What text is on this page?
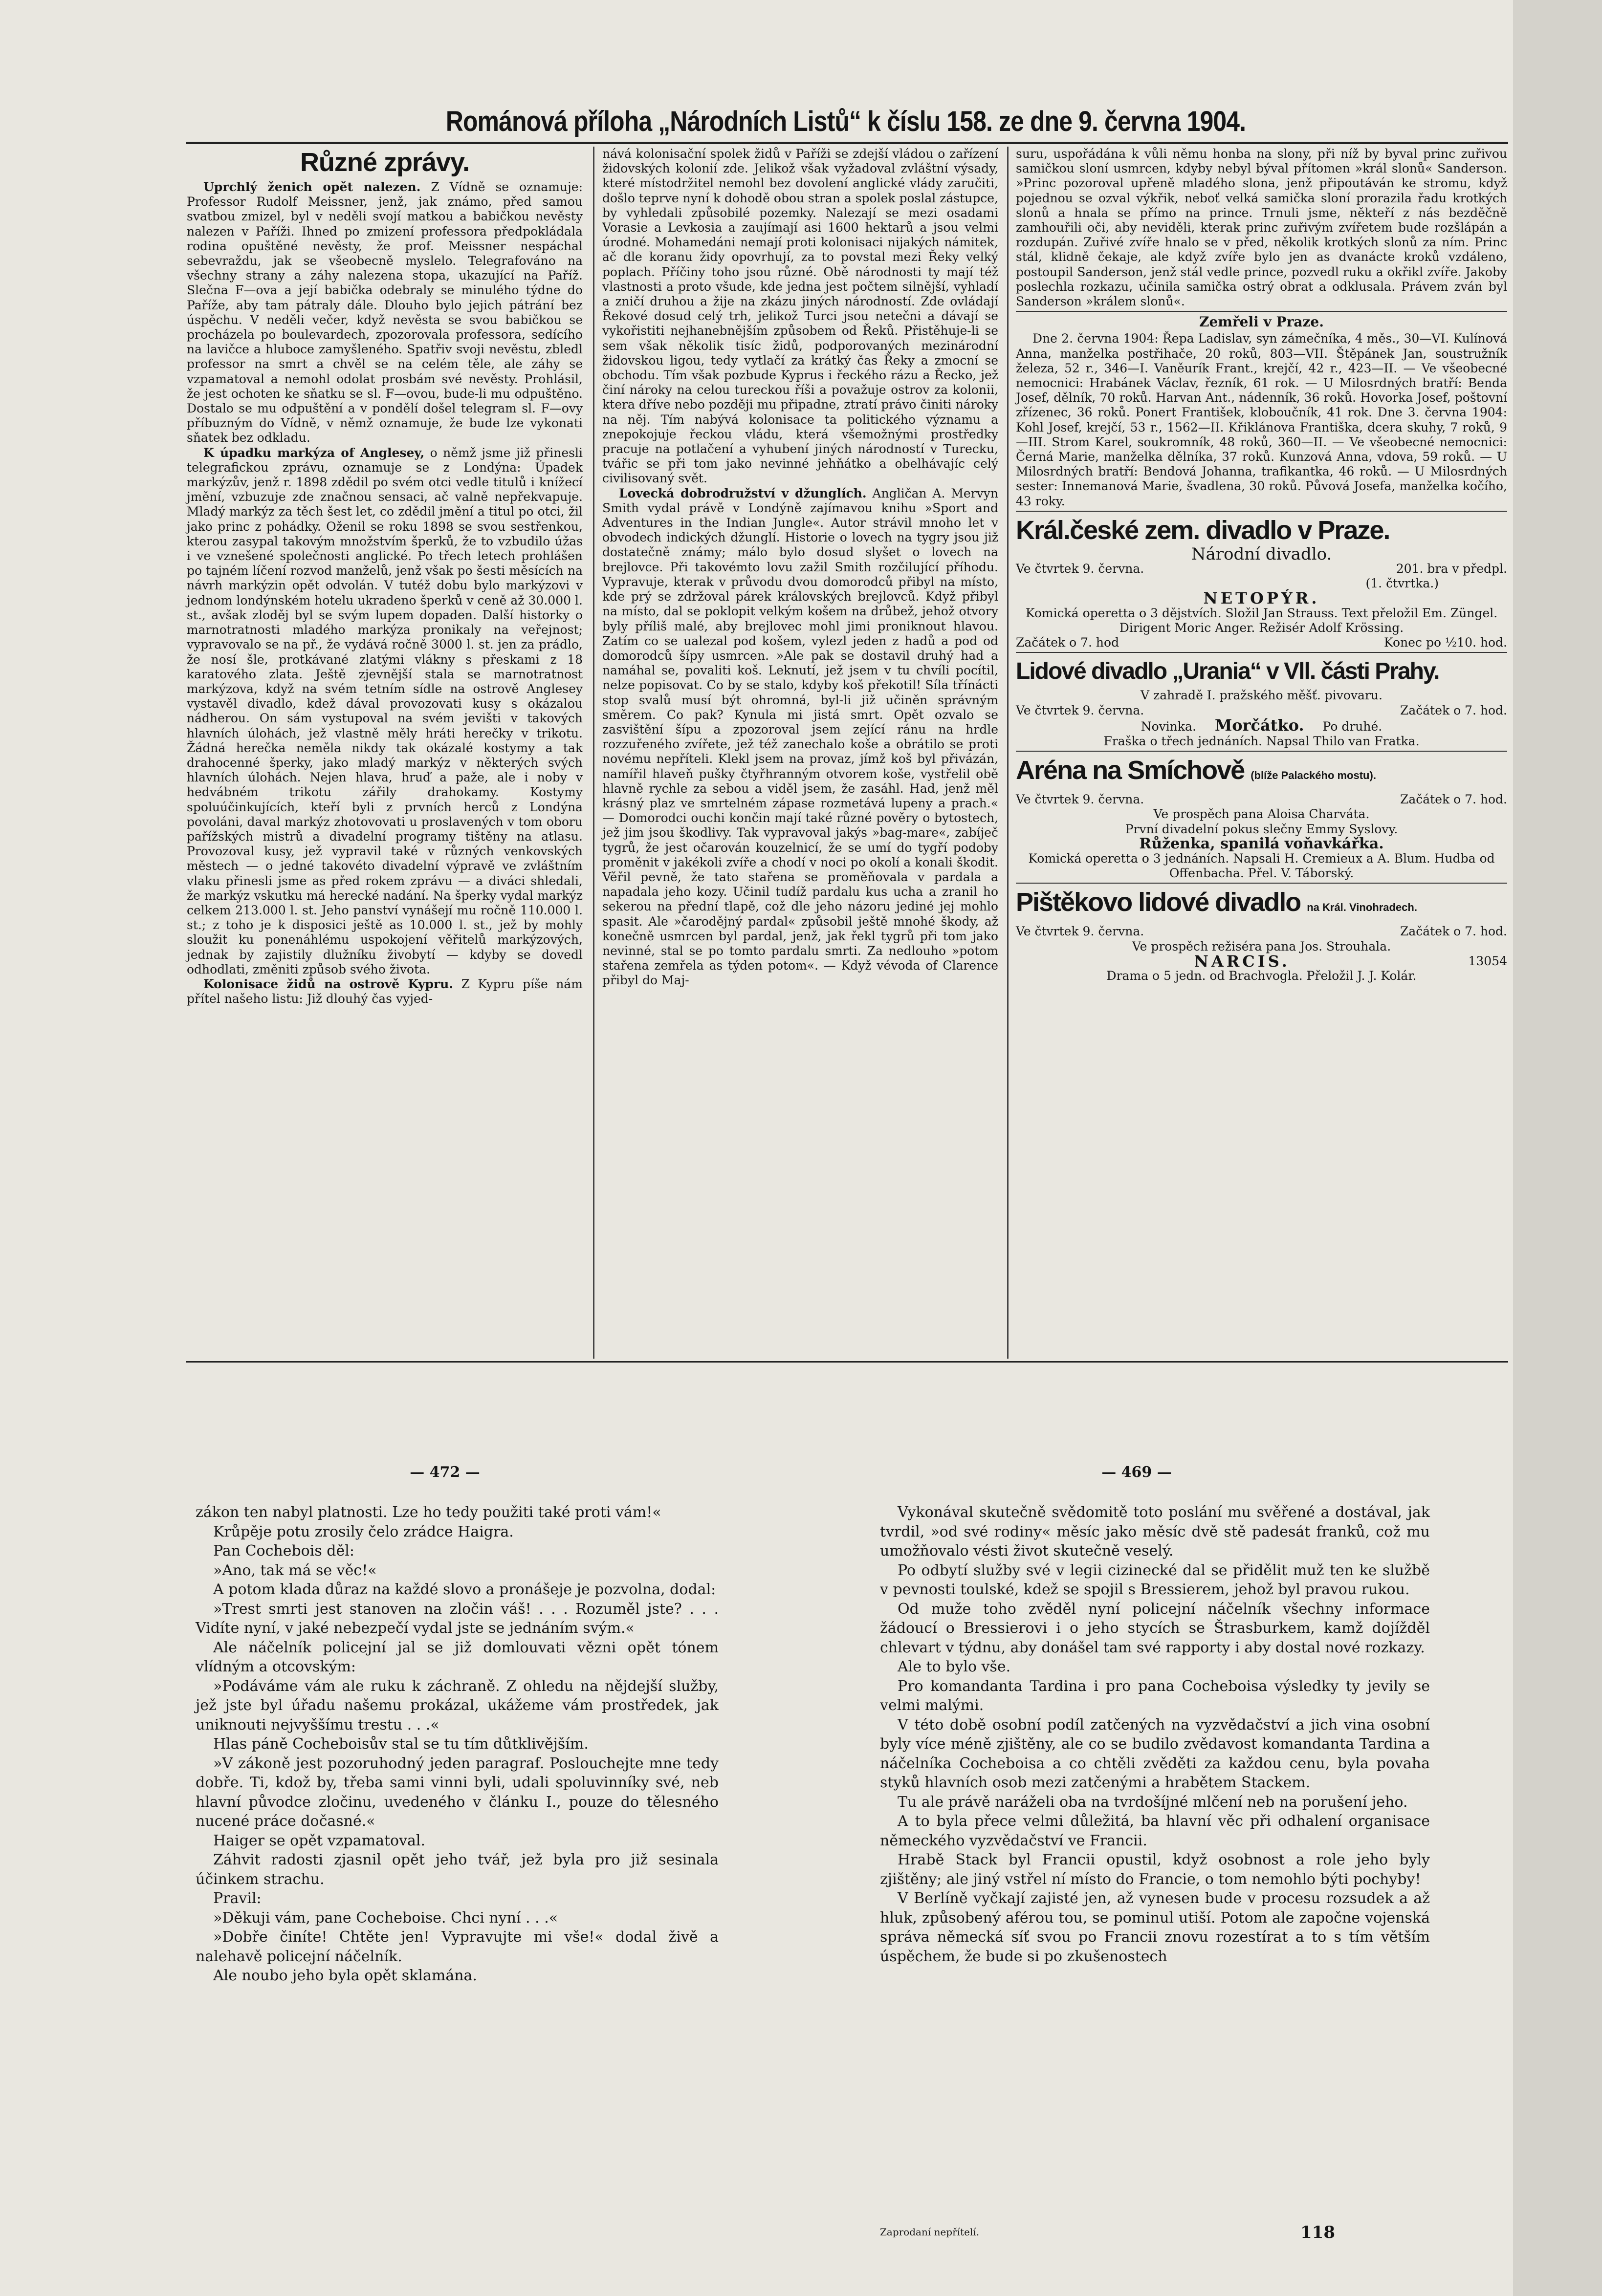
Románová příloha „Národních Listů“ k číslu 158. ze dne 9. června 1904.
Různé zprávy.

Uprchlý ženich opět nalezen. Z Vídně se oznamuje: Professor Rudolf Meissner, jenž, jak známo, před samou svatbou zmizel, byl v neděli svojí matkou a babičkou nevěsty nalezen v Paříži. Ihned po zmizení professora předpokládala rodina opuštěné nevěsty, že prof. Meissner nespáchal sebevraždu, jak se všeobecně myslelo. Telegrafováno na všechny strany a záhy nalezena stopa, ukazující na Paříž. Slečna F—ova a její babička odebraly se minulého týdne do Paříže, aby tam pátraly dále. Dlouho bylo jejich pátrání bez úspěchu. V neděli večer, když nevěsta se svou babičkou se procházela po boulevardech, zpozorovala professora, sedícího na lavičce a hluboce zamyšleného. Spatřiv svoji nevěstu, zbledl professor na smrt a chvěl se na celém těle, ale záhy se vzpamatoval a nemohl odolat prosbám své nevěsty. Prohlásil, že jest ochoten ke sňatku se sl. F—ovou, bude-li mu odpuštěno. Dostalo se mu odpuštění a v pondělí došel telegram sl. F—ovy příbuzným do Vídně, v němž oznamuje, že bude lze vykonati sňatek bez odkladu.

K úpadku markýza of Anglesey, o němž jsme již přinesli telegrafickou zprávu, oznamuje se z Londýna: Úpadek markýzův, jenž r. 1898 zdědil po svém otci vedle titulů i knížecí jmění, vzbuzuje zde značnou sensaci, ač valně nepřekvapuje. Mladý markýz za těch šest let, co zdědil jmění a titul po otci, žil jako princ z pohádky. Oženil se roku 1898 se svou sestřenkou, kterou zasypal takovým množstvím šperků, že to vzbudilo úžas i ve vznešené společnosti anglické. Po třech letech prohlášen po tajném líčení rozvod manželů, jenž však po šesti měsících na návrh markýzin opět odvolán. V tutéž dobu bylo markýzovi v jednom londýnském hotelu ukradeno šperků v ceně až 30.000 l. st., avšak zloděj byl se svým lupem dopaden. Další historky o marnotratnosti mladého markýza pronikaly na veřejnost; vypravovalo se na př., že vydává ročně 3000 l. st. jen za prádlo, že nosí šle, protkávané zlatými vlákny s přeskami z 18 karatového zlata. Ještě zjevnější stala se marnotratnost markýzova, když na svém tetním sídle na ostrově Anglesey vystavěl divadlo, kdež dával provozovati kusy s okázalou nádherou. On sám vystupoval na svém jevišti v takových hlavních úlohách, jež vlastně měly hráti herečky v trikotu. Žádná herečka neměla nikdy tak okázalé kostymy a tak drahocenné šperky, jako mladý markýz v některých svých hlavních úlohách. Nejen hlava, hruď a paže, ale i noby v hedvábném trikotu zářily drahokamy. Kostymy spoluúčinkujících, kteří byli z prvních herců z Londýna povoláni, daval markýz zhotovovati u proslavených v tom oboru pařížských mistrů a divadelní programy tištěny na atlasu. Provozoval kusy, jež vypravil také v různých venkovských městech — o jedné takovéto divadelní výpravě ve zvláštním vlaku přinesli jsme as před rokem zprávu — a diváci shledali, že markýz vskutku má herecké nadání. Na šperky vydal markýz celkem 213.000 l. st. Jeho panství vynášejí mu ročně 110.000 l. st.; z toho je k disposici ještě as 10.000 l. st., jež by mohly sloužit ku ponenáhlému uspokojení věřitelů markýzových, jednak by zajistily dlužníku živobytí — kdyby se dovedl odhodlati, změniti způsob svého života.

Kolonisace židů na ostrově Kypru. Z Kypru píše nám přítel našeho listu: Již dlouhý čas vyjed-

nává kolonisační spolek židů v Paříži se zdejší vládou o zařízení židovských kolonií zde. Jelikož však vyžadoval zvláštní výsady, které místodržitel nemohl bez dovolení anglické vlády zaručiti, došlo teprve nyní k dohodě obou stran a spolek poslal zástupce, by vyhledali způsobilé pozemky. Nalezají se mezi osadami Vorasie a Levkosia a zaujímají asi 1600 hektarů a jsou velmi úrodné. Mohamedáni nemají proti kolonisaci nijakých námitek, ač dle koranu židy opovrhují, za to povstal mezi Řeky velký poplach. Příčiny toho jsou různé. Obě národnosti ty mají též vlastnosti a proto všude, kde jedna jest počtem silnější, vyhladí a zničí druhou a žije na zkázu jiných národností. Zde ovládají Řekové dosud celý trh, jelikož Turci jsou netečni a dávají se vykořistiti nejhanebnějším způsobem od Řeků. Přistěhuje-li se sem však několik tisíc židů, podporovaných mezinárodní židovskou ligou, tedy vytlačí za krátký čas Řeky a zmocní se obchodu. Tím však pozbude Kyprus i řeckého rázu a Řecko, jež činí nároky na celou tureckou říši a považuje ostrov za kolonii, ktera dříve nebo později mu připadne, ztratí právo činiti nároky na něj. Tím nabývá kolonisace ta politického významu a znepokojuje řeckou vládu, která všemožnými prostředky pracuje na potlačení a vyhubení jiných národností v Turecku, tvářic se při tom jako nevinné jehňátko a obelhávajíc celý civilisovaný svět.

Lovecká dobrodružství v džunglích. Angličan A. Mervyn Smith vydal právě v Londýně zajímavou knihu »Sport and Adventures in the Indian Jungle«. Autor strávil mnoho let v obvodech indických džunglí. Historie o lovech na tygry jsou již dostatečně známy; málo bylo dosud slyšet o lovech na brejlovce. Při takovémto lovu zažil Smith rozčilující příhodu. Vypravuje, kterak v průvodu dvou domorodců přibyl na místo, kde prý se zdržoval párek královských brejlovců. Když přibyl na místo, dal se poklopit velkým košem na drůbež, jehož otvory byly příliš malé, aby brejlovec mohl jimi proniknout hlavou. Zatím co se ualezal pod košem, vylezl jeden z hadů a pod od domorodců šípy usmrcen. »Ale pak se dostavil druhý had a namáhal se, povaliti koš. Leknutí, jež jsem v tu chvíli pocítil, nelze popisovat. Co by se stalo, kdyby koš překotil! Síla třínácti stop svalů musí být ohromná, byl-li již učiněn správným směrem. Co pak? Kynula mi jistá smrt. Opět ozvalo se zasvištění šípu a zpozoroval jsem zející ránu na hrdle rozzuřeného zvířete, jež též zanechalo koše a obrátilo se proti novému nepříteli. Klekl jsem na provaz, jímž koš byl přivázán, namířil hlaveň pušky čtyřhranným otvorem koše, vystřelil obě hlavně rychle za sebou a viděl jsem, že zasáhl. Had, jenž měl krásný plaz ve smrtelném zápase rozmetává lupeny a prach.« — Domorodci ouchi končin mají také různé pověry o bytostech, jež jim jsou škodlivy. Tak vypravoval jakýs »bag-mare«, zabíječ tygrů, že jest očarován kouzelnicí, že se umí do tygří podoby proměnit v jakékoli zvíře a chodí v noci po okolí a konali škodit. Věřil pevně, že tato stařena se proměňovala v pardala a napadala jeho kozy. Učinil tudíž pardalu kus ucha a zranil ho sekerou na přední tlapě, což dle jeho názoru jediné jej mohlo spasit. Ale »čarodějný pardal« způsobil ještě mnohé škody, až konečně usmrcen byl pardal, jenž, jak řekl tygrů při tom jako nevinné, stal se po tomto pardalu smrti. Za nedlouho »potom stařena zemřela as týden potom«. — Když vévoda of Clarence přibyl do Maj-

suru, uspořádána k vůli němu honba na slony, při níž by byval princ zuřivou samičkou sloní usmrcen, kdyby nebyl býval přítomen »král slonů« Sanderson. »Princ pozoroval upřeně mladého slona, jenž připoutáván ke stromu, když pojednou se ozval výkřik, neboť velká samička sloní prorazila řadu krotkých slonů a hnala se přímo na prince. Trnuli jsme, někteří z nás bezděčně zamhouřili oči, aby neviděli, kterak princ zuřivým zvířetem bude rozšlápán a rozdupán. Zuřivé zvíře hnalo se v před, několik krotkých slonů za ním. Princ stál, klidně čekaje, ale když zvíře bylo jen as dvanácte kroků vzdáleno, postoupil Sanderson, jenž stál vedle prince, pozvedl ruku a okřikl zvíře. Jakoby poslechla rozkazu, učinila samička ostrý obrat a odklusala. Právem zván byl Sanderson »králem slonů«.

Zemřeli v Praze.

Dne 2. června 1904: Řepa Ladislav, syn zámečníka, 4 měs., 30—VI. Kulínová Anna, manželka postřihače, 20 roků, 803—VII. Štěpánek Jan, soustružník železa, 52 r., 346—I. Vaněurík Frant., krejčí, 42 r., 423—II. — Ve všeobecné nemocnici: Hrabánek Václav, řezník, 61 rok. — U Milosrdných bratří: Benda Josef, dělník, 70 roků. Harvan Ant., nádenník, 36 roků. Hovorka Josef, poštovní zřízenec, 36 roků. Ponert František, kloboučník, 41 rok. Dne 3. června 1904: Kohl Josef, krejčí, 53 r., 1562—II. Křiklánova Františka, dcera skuhy, 7 roků, 9—III. Strom Karel, soukromník, 48 roků, 360—II. — Ve všeobecné nemocnici: Černá Marie, manželka dělníka, 37 roků. Kunzová Anna, vdova, 59 roků. — U Milosrdných bratří: Bendová Johanna, trafikantka, 46 roků. — U Milosrdných sester: Innemanová Marie, švadlena, 30 roků. Půvová Josefa, manželka kočího, 43 roky.

Král.české zem. divadlo v Praze.
Národní divadlo.
Ve čtvrtek 9. června.	201. bra v předpl.
(1. čtvrtka.)
NETOPÝR.
Komická operetta o 3 dějstvích. Složil Jan Strauss. Text přeložil Em. Züngel.
Dirigent Moric Anger. Režisér Adolf Krössing.
Začátek o 7. hod	Konec po ½10. hod.
Lidové divadlo „Urania“ v Vll. části Prahy.
V zahradě I. pražského měšť. pivovaru.
Ve čtvrtek 9. června.	Začátek o 7. hod.
Novinka. Morčátko. Po druhé.
Fraška o třech jednáních. Napsal Thilo van Fratka.
Aréna na Smíchově (blíže Palackého mostu).
Ve čtvrtek 9. června.	Začátek o 7. hod.
Ve prospěch pana Aloisa Charváta.
První divadelní pokus slečny Emmy Syslovy.
Růženka, spanilá voňavkářka.
Komická operetta o 3 jednáních. Napsali H. Cremieux a A. Blum. Hudba od Offenbacha. Přel. V. Táborský.
Pištěkovo lidové divadlo na Král. Vinohradech.
Ve čtvrtek 9. června.	Začátek o 7. hod.
Ve prospěch režiséra pana Jos. Strouhala.
NARCIS.	13054
Drama o 5 jedn. od Brachvogla. Přeložil J. J. Kolár.
— 472 —	— 469 —

zákon ten nabyl platnosti. Lze ho tedy použiti také proti vám!«

Krůpěje potu zrosily čelo zrádce Haigra.

Pan Cochebois děl:

»Ano, tak má se věc!«

A potom klada důraz na každé slovo a pronášeje je pozvolna, dodal:

»Trest smrti jest stanoven na zločin váš! . . . Rozuměl jste? . . . Vidíte nyní, v jaké nebezpečí vydal jste se jednáním svým.«

Ale náčelník policejní jal se již domlouvati vězni opět tónem vlídným a otcovským:

»Podáváme vám ale ruku k záchraně. Z ohledu na nějdejší služby, jež jste byl úřadu našemu prokázal, ukážeme vám prostředek, jak uniknouti nejvyššímu trestu . . .«

Hlas páně Cocheboisův stal se tu tím důtklivějším.

»V zákoně jest pozoruhodný jeden paragraf. Poslouchejte mne tedy dobře. Ti, kdož by, třeba sami vinni byli, udali spoluvinníky své, neb hlavní původce zločinu, uvedeného v článku I., pouze do tělesného nucené práce dočasné.«

Haiger se opět vzpamatoval.

Záhvit radosti zjasnil opět jeho tvář, jež byla pro již sesinala účinkem strachu.

Pravil:

»Děkuji vám, pane Cocheboise. Chci nyní . . .«

»Dobře činíte! Chtěte jen! Vypravujte mi vše!« dodal živě a nalehavě policejní náčelník.

Ale noubo jeho byla opět sklamána.

Vykonával skutečně svědomitě toto poslání mu svěřené a dostával, jak tvrdil, »od své rodiny« měsíc jako měsíc dvě stě padesát franků, což mu umožňovalo vésti život skutečně veselý.

Po odbytí služby své v legii cizinecké dal se přidělit muž ten ke službě v pevnosti toulské, kdež se spojil s Bressierem, jehož byl pravou rukou.

Od muže toho zvěděl nyní policejní náčelník všechny informace žádoucí o Bressierovi i o jeho stycích se Štrasburkem, kamž dojížděl chlevart v týdnu, aby donášel tam své rapporty i aby dostal nové rozkazy.

Ale to bylo vše.

Pro komandanta Tardina i pro pana Cocheboisa výsledky ty jevily se velmi malými.

V této době osobní podíl zatčených na vyzvědačství a jich vina osobní byly více méně zjištěny, ale co se budilo zvědavost komandanta Tardina a náčelníka Cocheboisa a co chtěli zvěděti za každou cenu, byla povaha styků hlavních osob mezi zatčenými a hrabětem Stackem.

Tu ale právě naráželi oba na tvrdošíjné mlčení neb na porušení jeho.

A to byla přece velmi důležitá, ba hlavní věc při odhalení organisace německého vyzvědačství ve Francii.

Hrabě Stack byl Francii opustil, když osobnost a role jeho byly zjištěny; ale jiný vstřel ní místo do Francie, o tom nemohlo býti pochyby!

V Berlíně vyčkají zajisté jen, až vynesen bude v procesu rozsudek a až hluk, způsobený aférou tou, se pominul utiší. Potom ale započne vojenská správa německá síť svou po Francii znovu rozestírat a to s tím větším úspěchem, že bude si po zkušenostech

Zaprodaní nepřítelí.	118
